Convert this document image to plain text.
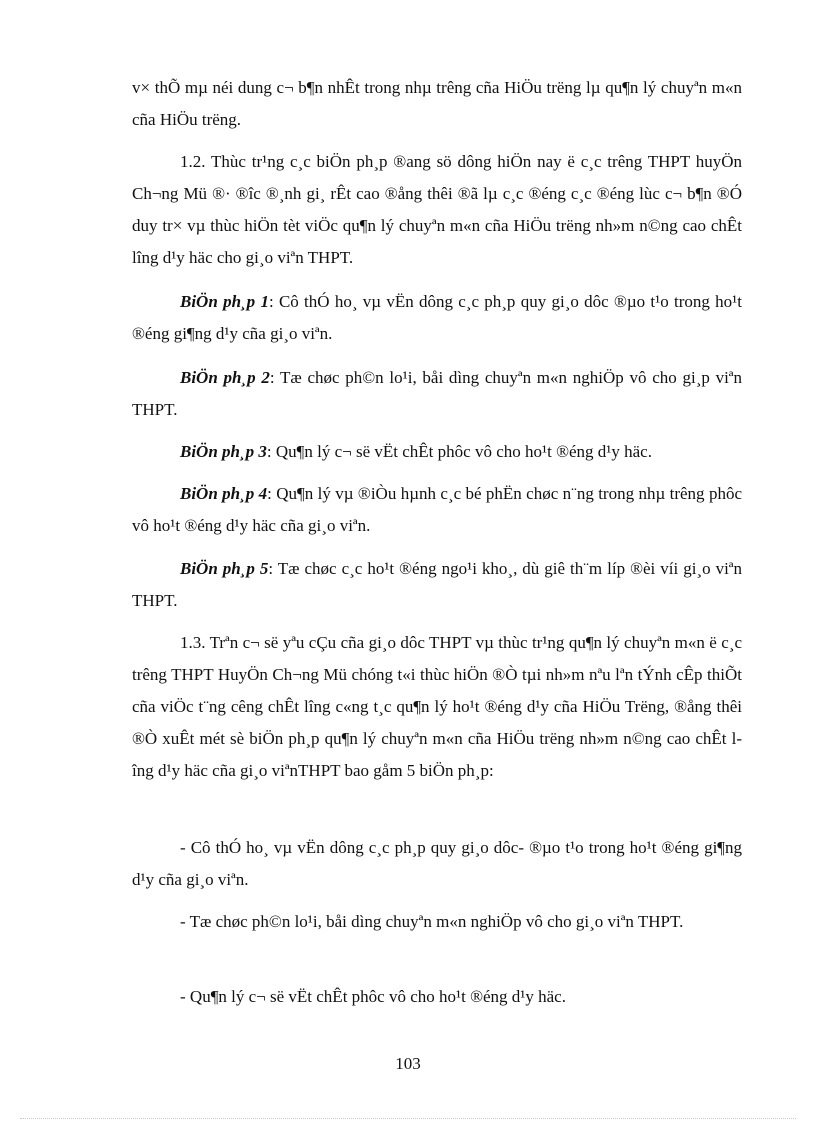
v× thÕ mµ néi dung c¬ b¶n nhÊt trong nhµ trêng cña HiÖu trëng lµ qu¶n lý chuyªn m«n cña HiÖu trëng.

1.2. Thùc tr¹ng c¸c biÖn ph¸p ®ang sö dông hiÖn nay ë c¸c trêng THPT huyÖn Ch¬ng Mü ®· ®îc ®¸nh gi¸ rÊt cao ®ång thêi ®ã lµ c¸c ®éng c¸c ®éng lùc c¬ b¶n ®Ó duy tr× vµ thùc hiÖn tèt viÖc qu¶n lý chuyªn m«n cña HiÖu trëng nh»m n©ng cao chÊt lîng d¹y häc cho gi¸o viªn THPT.

BiÖn ph¸p 1: Cô thÓ ho¸ vµ vËn dông c¸c ph¸p quy gi¸o dôc ®µo t¹o trong ho¹t ®éng gi¶ng d¹y cña gi¸o viªn.

BiÖn ph¸p 2: Tæ chøc ph©n lo¹i, båi dìng chuyªn m«n nghiÖp vô cho gi¸p viªn THPT.

BiÖn ph¸p 3: Qu¶n lý c¬ së vËt chÊt phôc vô cho ho¹t ®éng d¹y häc.

BiÖn ph¸p 4: Qu¶n lý vµ ®iÒu hµnh c¸c bé phËn chøc n¨ng trong nhµ trêng phôc vô ho¹t ®éng d¹y häc cña gi¸o viªn.

BiÖn ph¸p 5: Tæ chøc c¸c ho¹t ®éng ngo¹i kho¸, dù giê th¨m líp ®èi víi gi¸o viªn THPT.

1.3. Trªn c¬ së yªu cÇu cña gi¸o dôc THPT vµ thùc tr¹ng qu¶n lý chuyªn m«n ë c¸c trêng THPT HuyÖn Ch¬ng Mü chóng t«i thùc hiÖn ®Ò tµi nh»m nªu lªn tÝnh cÊp thiÕt cña viÖc t¨ng cêng chÊt lîng c«ng t¸c qu¶n lý ho¹t ®éng d¹y cña HiÖu Trëng, ®ång thêi ®Ò xuÊt mét sè biÖn ph¸p qu¶n lý chuyªn m«n cña HiÖu trëng nh»m n©ng cao chÊt lîng d¹y häc cña gi¸o viªnTHPT bao gåm 5 biÖn ph¸p:

- Cô thÓ ho¸ vµ vËn dông c¸c ph¸p quy gi¸o dôc- ®µo t¹o trong ho¹t ®éng gi¶ng d¹y cña gi¸o viªn.

- Tæ chøc ph©n lo¹i, båi dìng chuyªn m«n nghiÖp vô cho gi¸o viªn THPT.

- Qu¶n lý c¬ së vËt chÊt phôc vô cho ho¹t ®éng d¹y häc.

103
